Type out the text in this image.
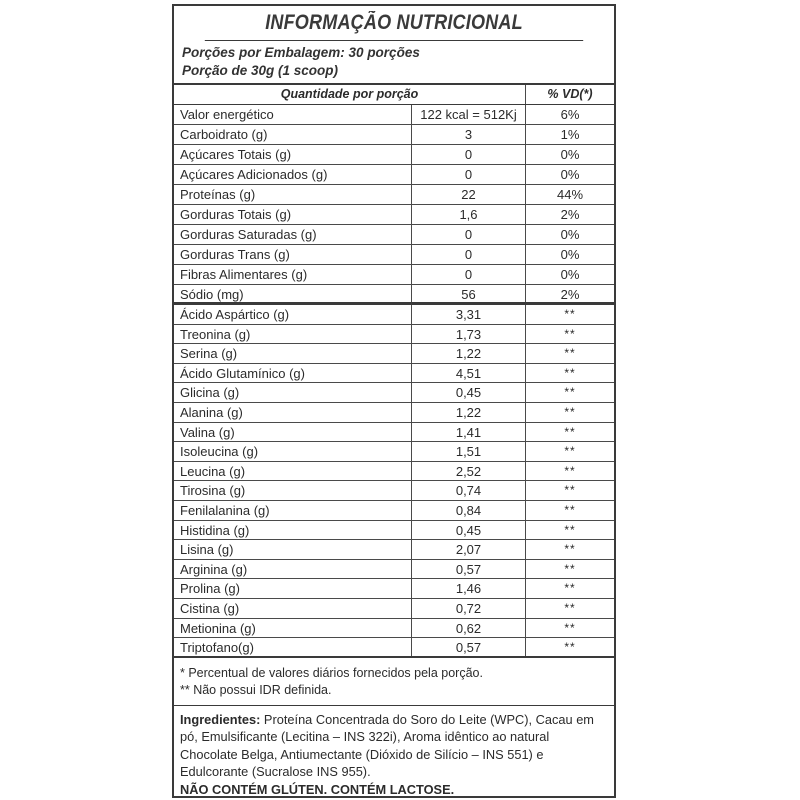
INFORMAÇÃO NUTRICIONAL
Porções por Embalagem: 30 porções
Porção de 30g (1 scoop)
Quantidade por porção	% VD(*)
Valor energético	122 kcal = 512Kj	6%
Carboidrato (g)	3	1%
Açúcares Totais (g)	0	0%
Açúcares Adicionados (g)	0	0%
Proteínas (g)	22	44%
Gorduras Totais (g)	1,6	2%
Gorduras Saturadas (g)	0	0%
Gorduras Trans (g)	0	0%
Fibras Alimentares (g)	0	0%
Sódio (mg)	56	2%
Ácido Aspártico (g)	3,31	**
Treonina (g)	1,73	**
Serina (g)	1,22	**
Ácido Glutamínico (g)	4,51	**
Glicina (g)	0,45	**
Alanina (g)	1,22	**
Valina (g)	1,41	**
Isoleucina (g)	1,51	**
Leucina (g)	2,52	**
Tirosina (g)	0,74	**
Fenilalanina (g)	0,84	**
Histidina (g)	0,45	**
Lisina (g)	2,07	**
Arginina (g)	0,57	**
Prolina (g)	1,46	**
Cistina (g)	0,72	**
Metionina (g)	0,62	**
Triptofano(g)	0,57	**
* Percentual de valores diários fornecidos pela porção.
** Não possui IDR definida.
Ingredientes: Proteína Concentrada do Soro do Leite (WPC), Cacau em pó, Emulsificante (Lecitina – INS 322i), Aroma idêntico ao natural Chocolate Belga, Antiumectante (Dióxido de Silício – INS 551) e Edulcorante (Sucralose INS 955).
NÃO CONTÉM GLÚTEN. CONTÉM LACTOSE.
